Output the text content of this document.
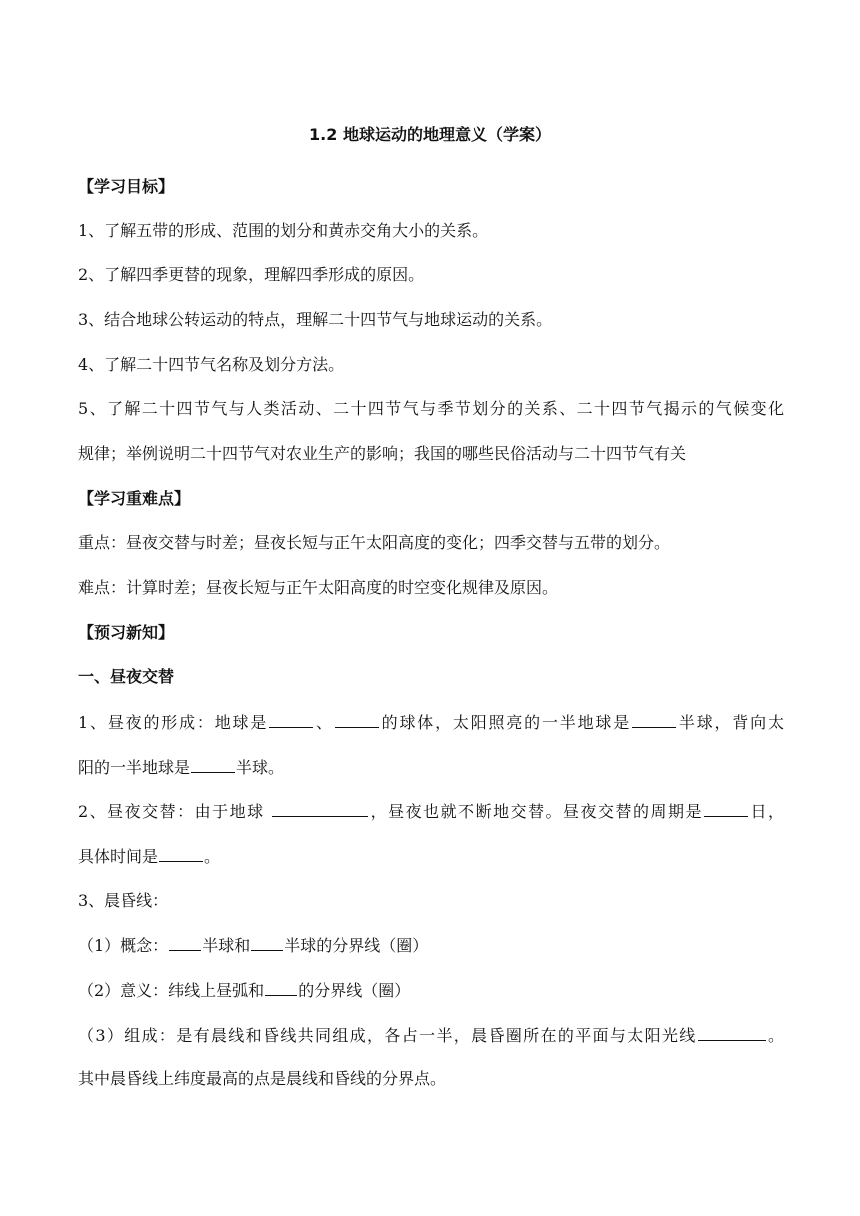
1.2 地球运动的地理意义（学案）
【学习目标】
1、了解五带的形成、范围的划分和黄赤交角大小的关系。
2、了解四季更替的现象，理解四季形成的原因。
3、结合地球公转运动的特点，理解二十四节气与地球运动的关系。
4、了解二十四节气名称及划分方法。
5、了解二十四节气与人类活动、二十四节气与季节划分的关系、二十四节气揭示的气候变化
规律；举例说明二十四节气对农业生产的影响；我国的哪些民俗活动与二十四节气有关
【学习重难点】
重点：昼夜交替与时差；昼夜长短与正午太阳高度的变化；四季交替与五带的划分。
难点：计算时差；昼夜长短与正午太阳高度的时空变化规律及原因。
【预习新知】
一、昼夜交替
1、昼夜的形成：地球是	、	的球体，太阳照亮的一半地球是	半球，背向太
阳的一半地球是	半球。
2、昼夜交替：由于地球	，昼夜也就不断地交替。昼夜交替的周期是	日，
具体时间是	。
3、晨昏线：
（1）概念： 半球和 半球的分界线（圈）
（2）意义：纬线上昼弧和 的分界线（圈）
（3）组成：是有晨线和昏线共同组成，各占一半，晨昏圈所在的平面与太阳光线	。
其中晨昏线上纬度最高的点是晨线和昏线的分界点。
